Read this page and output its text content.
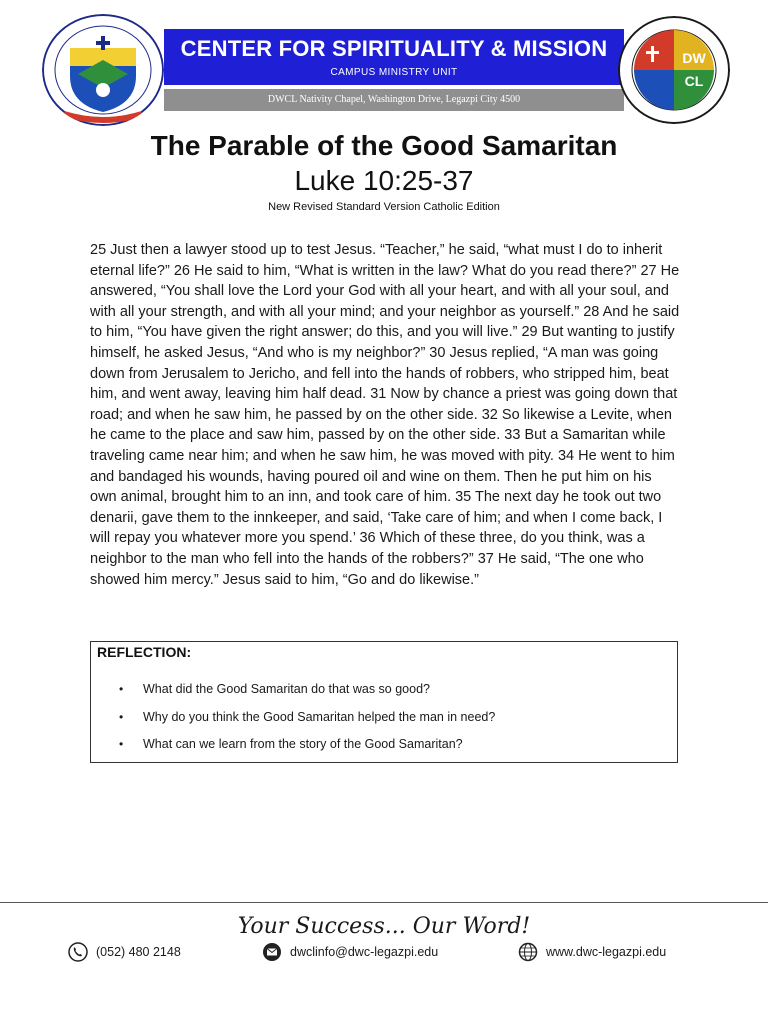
CENTER FOR SPIRITUALITY & MISSION
CAMPUS MINISTRY UNIT
DWCL Nativity Chapel, Washington Drive, Legazpi City 4500
DW
CL
The Parable of the Good Samaritan
Luke 10:25-37
New Revised Standard Version Catholic Edition

25 Just then a lawyer stood up to test Jesus. “Teacher,” he said, “what must I do to inherit eternal life?” 26 He said to him, “What is written in the law? What do you read there?” 27 He answered, “You shall love the Lord your God with all your heart, and with all your soul, and with all your strength, and with all your mind; and your neighbor as yourself.” 28 And he said to him, “You have given the right answer; do this, and you will live.” 29 But wanting to justify himself, he asked Jesus, “And who is my neighbor?” 30 Jesus replied, “A man was going down from Jerusalem to Jericho, and fell into the hands of robbers, who stripped him, beat him, and went away, leaving him half dead. 31 Now by chance a priest was going down that road; and when he saw him, he passed by on the other side. 32 So likewise a Levite, when he came to the place and saw him, passed by on the other side. 33 But a Samaritan while traveling came near him; and when he saw him, he was moved with pity. 34 He went to him and bandaged his wounds, having poured oil and wine on them. Then he put him on his own animal, brought him to an inn, and took care of him. 35 The next day he took out two denarii, gave them to the innkeeper, and said, ‘Take care of him; and when I come back, I will repay you whatever more you spend.’ 36 Which of these three, do you think, was a neighbor to the man who fell into the hands of the robbers?” 37 He said, “The one who showed him mercy.” Jesus said to him, “Go and do likewise.”

REFLECTION:
• What did the Good Samaritan do that was so good?
• Why do you think the Good Samaritan helped the man in need?
• What can we learn from the story of the Good Samaritan?
Your Success... Our Word!
(052) 480 2148	dwclinfo@dwc-legazpi.edu	www.dwc-legazpi.edu
